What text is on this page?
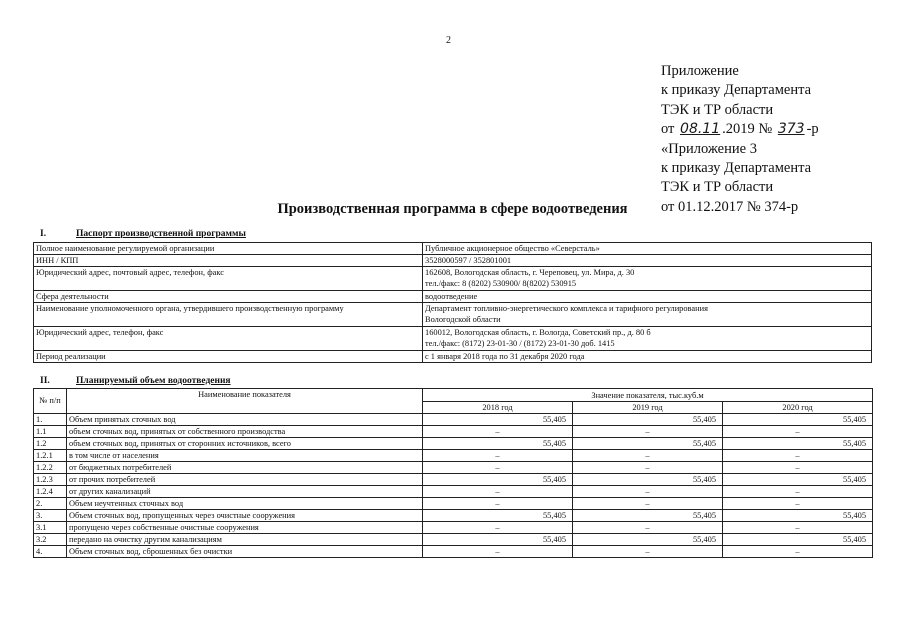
2
Приложение
к приказу Департамента
ТЭК и ТР области
от 08.11 .2019 № 373 -р
«Приложение 3
к приказу Департамента
ТЭК и ТР области
от 01.12.2017 № 374-р
Производственная программа в сфере водоотведения
I.	Паспорт производственной программы
Полное наименование регулируемой организации	Публичное акционерное общество «Северсталь»

ИНН / КПП	3528000597 / 352801001

Юридический адрес, почтовый адрес, телефон, факс	162608, Вологодская область, г. Череповец, ул. Мира, д. 30
тел./факс: 8 (8202) 530900/ 8(8202) 530915

Сфера деятельности	водоотведение

Наименование уполномоченного органа, утвердившего производственную программу	Департамент топливно-энергетического комплекса и тарифного регулирования
Вологодской области

Юридический адрес, телефон, факс	160012, Вологодская область, г. Вологда, Советский пр., д. 80 б
тел./факс: (8172) 23-01-30 / (8172) 23-01-30 доб. 1415

Период реализации	с 1 января 2018 года по 31 декабря 2020 года
II.	Планируемый объем водоотведения
№ п/п	Наименование показателя	Значение показателя, тыс.куб.м		
		2018 год	2019 год	2020 год
1.	Объем принятых сточных вод	55,405	55,405	55,405
1.1	объем сточных вод, принятых от собственного производства	–	–	–
1.2	объем сточных вод, принятых от сторонних источников, всего	55,405	55,405	55,405
1.2.1	в том числе от населения	–	–	–
1.2.2	от бюджетных потребителей	–	–	–
1.2.3	от прочих потребителей	55,405	55,405	55,405
1.2.4	от других канализаций	–	–	–
2.	Объем неучтенных сточных вод	–	–	–
3.	Объем сточных вод, пропущенных через очистные сооружения	55,405	55,405	55,405
3.1	пропущено через собственные очистные сооружения	–	–	–
3.2	передано на очистку другим канализациям	55,405	55,405	55,405
4.	Объем сточных вод, сброшенных без очистки	–	–	–
